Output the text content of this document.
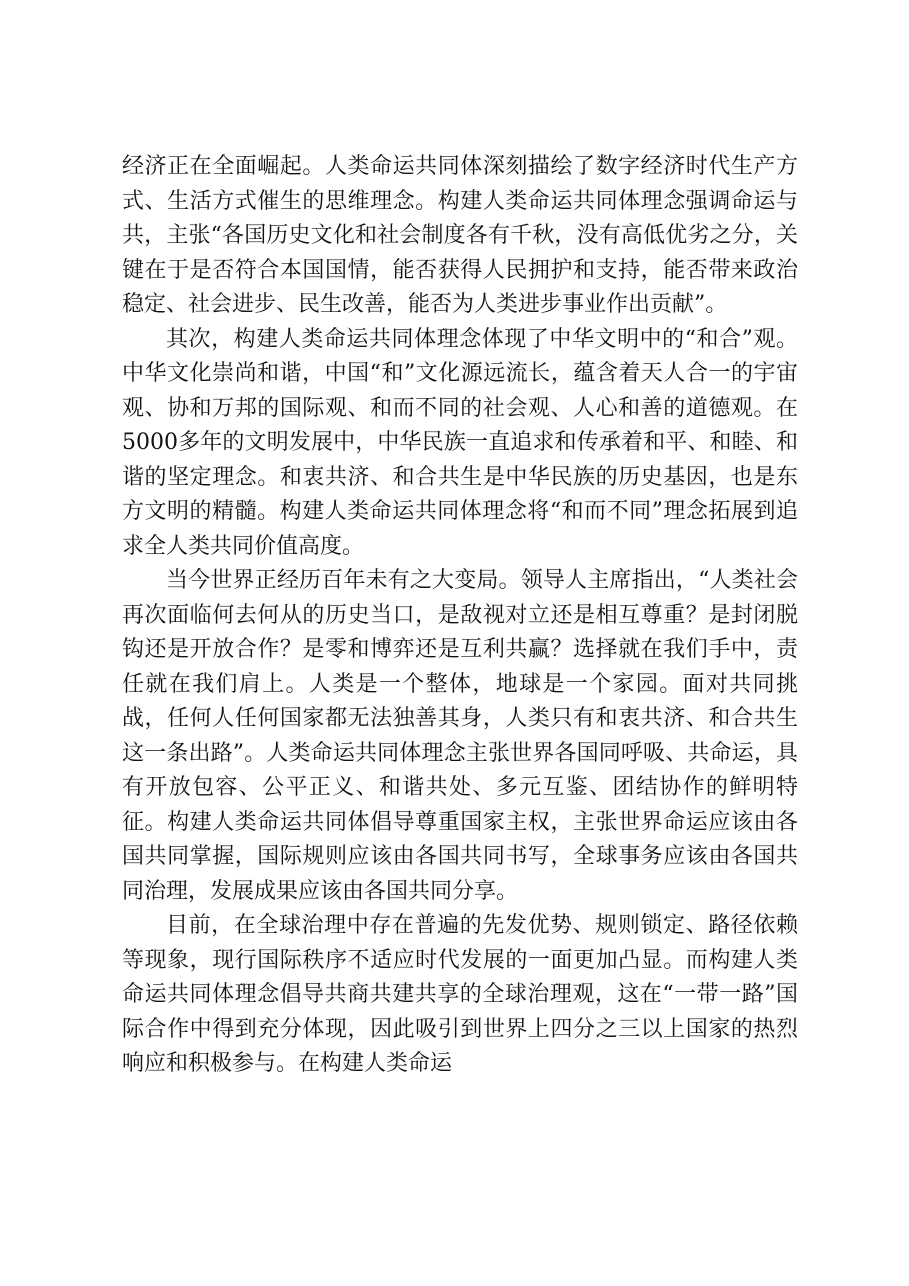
经济正在全面崛起。人类命运共同体深刻描绘了数字经济时代生产方式、生活方式催生的思维理念。构建人类命运共同体理念强调命运与共，主张“各国历史文化和社会制度各有千秋，没有高低优劣之分，关键在于是否符合本国国情，能否获得人民拥护和支持，能否带来政治稳定、社会进步、民生改善，能否为人类进步事业作出贡献”。

其次，构建人类命运共同体理念体现了中华文明中的“和合”观。中华文化崇尚和谐，中国“和”文化源远流长，蕴含着天人合一的宇宙观、协和万邦的国际观、和而不同的社会观、人心和善的道德观。在5000多年的文明发展中，中华民族一直追求和传承着和平、和睦、和谐的坚定理念。和衷共济、和合共生是中华民族的历史基因，也是东方文明的精髓。构建人类命运共同体理念将“和而不同”理念拓展到追求全人类共同价值高度。

当今世界正经历百年未有之大变局。领导人主席指出，“人类社会再次面临何去何从的历史当口，是敌视对立还是相互尊重？是封闭脱钩还是开放合作？是零和博弈还是互利共赢？选择就在我们手中，责任就在我们肩上。人类是一个整体，地球是一个家园。面对共同挑战，任何人任何国家都无法独善其身，人类只有和衷共济、和合共生这一条出路”。人类命运共同体理念主张世界各国同呼吸、共命运，具有开放包容、公平正义、和谐共处、多元互鉴、团结协作的鲜明特征。构建人类命运共同体倡导尊重国家主权，主张世界命运应该由各国共同掌握，国际规则应该由各国共同书写，全球事务应该由各国共同治理，发展成果应该由各国共同分享。

目前，在全球治理中存在普遍的先发优势、规则锁定、路径依赖等现象，现行国际秩序不适应时代发展的一面更加凸显。而构建人类命运共同体理念倡导共商共建共享的全球治理观，这在“一带一路”国际合作中得到充分体现，因此吸引到世界上四分之三以上国家的热烈响应和积极参与。在构建人类命运
